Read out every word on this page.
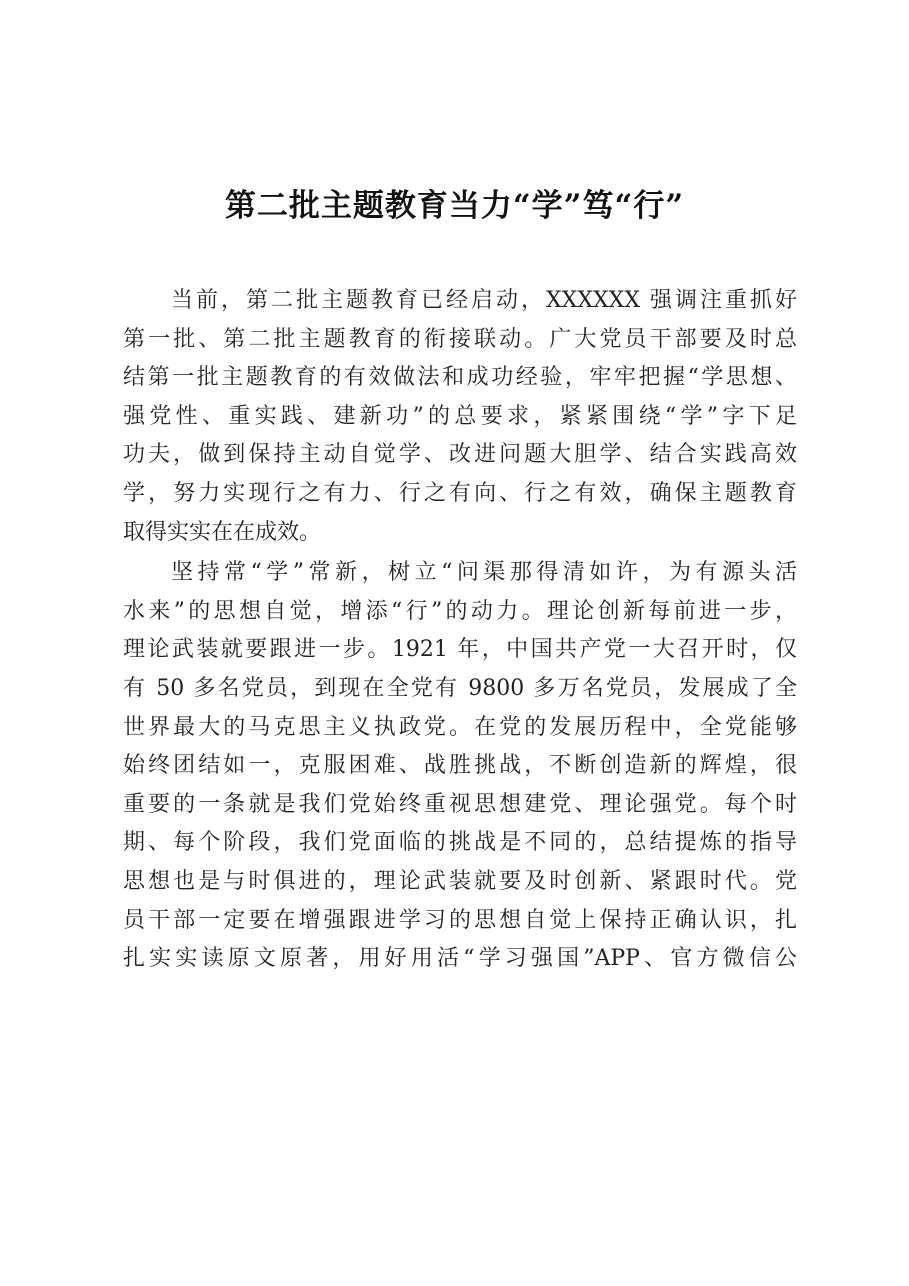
第二批主题教育当力“学”笃“行”
当前，第二批主题教育已经启动，XXXXXX 强调注重抓好
第一批、第二批主题教育的衔接联动。广大党员干部要及时总
结第一批主题教育的有效做法和成功经验，牢牢把握“学思想、
强党性、重实践、建新功”的总要求，紧紧围绕“学”字下足
功夫，做到保持主动自觉学、改进问题大胆学、结合实践高效
学，努力实现行之有力、行之有向、行之有效，确保主题教育
取得实实在在成效。
坚持常“学”常新，树立“问渠那得清如许，为有源头活
水来”的思想自觉，增添“行”的动力。理论创新每前进一步，
理论武装就要跟进一步。1921 年，中国共产党一大召开时，仅
有 50 多名党员，到现在全党有 9800 多万名党员，发展成了全
世界最大的马克思主义执政党。在党的发展历程中，全党能够
始终团结如一，克服困难、战胜挑战，不断创造新的辉煌，很
重要的一条就是我们党始终重视思想建党、理论强党。每个时
期、每个阶段，我们党面临的挑战是不同的，总结提炼的指导
思想也是与时俱进的，理论武装就要及时创新、紧跟时代。党
员干部一定要在增强跟进学习的思想自觉上保持正确认识，扎
扎实实读原文原著，用好用活“学习强国”APP、官方微信公
